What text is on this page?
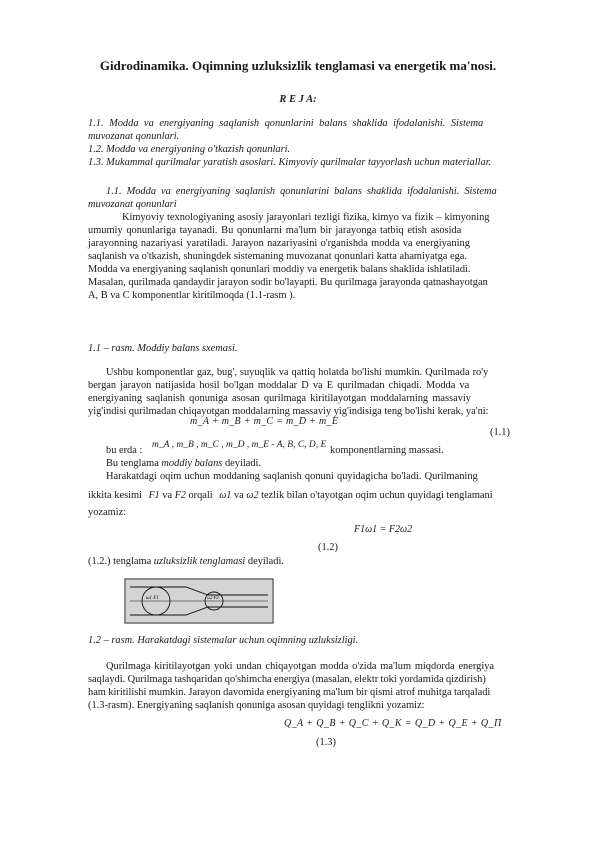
Gidrodinamika. Oqimning uzluksizlik tenglamasi va energetik ma'nosi.
R E J A:
1.1. Modda va energiyaning saqlanish qonunlarini balans shaklida ifodalanishi. Sistema
muvozanat qonunlari.
1.2. Modda va energiyaning o'tkazish qonunlari.
1.3. Mukammal qurilmalar yaratish asoslari. Kimyoviy qurilmalar tayyorlash uchun materiallar.
1.1. Modda va energiyaning saqlanish qonunlarini balans shaklida ifodalanishi. Sistema
muvozanat qonunlari
Kimyoviy texnologiyaning asosiy jarayonlari tezligi fizika, kimyo va fizik – kimyoning
umumiy qonunlariga tayanadi. Bu qonunlarni ma'lum bir jarayonga tatbiq etish asosida
jarayonning nazariyasi yaratiladi. Jarayon nazariyasini o'rganishda modda va energiyaning
saqlanish va o'tkazish, shuningdek sistemaning muvozanat qonunlari katta ahamiyatga ega.
Modda va energiyaning saqlanish qonunlari moddiy va energetik balans shaklida ishlatiladi.
Masalan, qurilmada qandaydir jarayon sodir bo'layapti. Bu qurilmaga jarayonda qatnashayotgan
A, B va C komponentlar kiritilmoqda (1.1-rasm ).
1.1 – rasm. Moddiy balans sxemasi.
Ushbu komponentlar gaz, bug', suyuqlik va qattiq holatda bo'lishi mumkin. Qurilmada ro'y
bergan jarayon natijasida hosil bo'lgan moddalar D va E qurilmadan chiqadi. Modda va
energiyaning saqlanish qonuniga asosan qurilmaga kiritilayotgan moddalarning massaviy
yig'indisi qurilmadan chiqayotgan moddalarning massaviy yig'indisiga teng bo'lishi kerak, ya'ni:
m_A + m_B + m_C = m_D + m_E
(1.1)
bu erda : m_A , m_B , m_C , m_D , m_E - A, B, C, D, E komponentlarning massasi.
Bu tenglama moddiy balans deyiladi.
Harakatdagi oqim uchun moddaning saqlanish qonuni quyidagicha bo'ladi. Qurilmaning
ikkita kesimi F1 va F2 orqali ω1 va ω2 tezlik bilan o'tayotgan oqim uchun quyidagi tenglamani
yozamiz:
F1ω1 = F2ω2
(1.2)
(1.2.) tenglama uzluksizlik tenglamasi deyiladi.
ω1 F1	ω2 F2
1.2 – rasm. Harakatdagi sistemalar uchun oqimning uzluksizligi.
Qurilmaga kiritilayotgan yoki undan chiqayotgan modda o'zida ma'lum miqdorda energiya
saqlaydi. Qurilmaga tashqaridan qo'shimcha energiya (masalan, elektr toki yordamida qizdirish)
ham kiritilishi mumkin. Jarayon davomida energiyaning ma'lum bir qismi atrof muhitga tarqaladi
(1.3-rasm). Energiyaning saqlanish qonuniga asosan quyidagi tenglikni yozamiz:
Q_A + Q_B + Q_C + Q_K = Q_D + Q_E + Q_П
(1.3)
